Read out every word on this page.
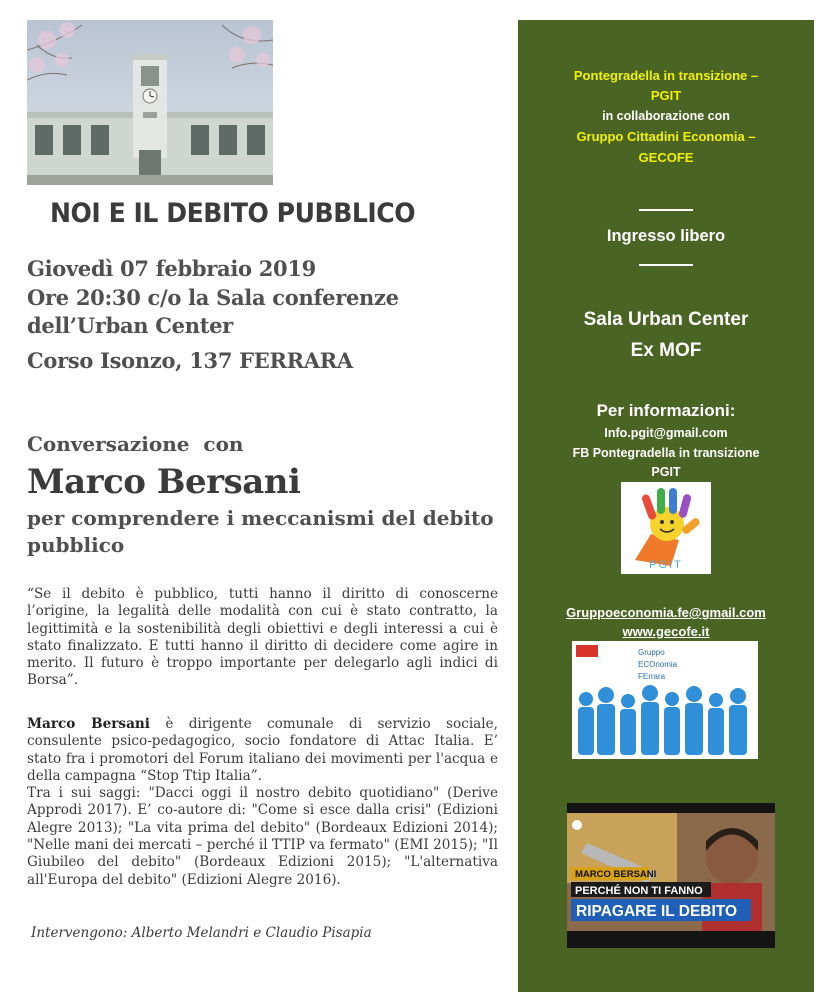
NOI E IL DEBITO PUBBLICO
Giovedì 07 febbraio 2019
Ore 20:30 c/o la Sala conferenze
dell’Urban Center
Corso Isonzo, 137 FERRARA
Conversazione  con
Marco Bersani
per comprendere i meccanismi del debito pubblico
“Se il debito è pubblico, tutti hanno il diritto di conoscerne l’origine, la legalità delle modalità con cui è stato contratto, la legittimità e la sostenibilità degli obiettivi e degli interessi a cui è stato finalizzato. E tutti hanno il diritto di decidere come agire in merito. Il futuro è troppo importante per delegarlo agli indici di Borsa”.
Marco Bersani è dirigente comunale di servizio sociale, consulente psico-pedagogico, socio fondatore di Attac Italia. E’ stato fra i promotori del Forum italiano dei movimenti per l'acqua e della campagna “Stop Ttip Italia”.
Tra i sui saggi: "Dacci oggi il nostro debito quotidiano" (Derive Approdi 2017). E’ co-autore di: "Come si esce dalla crisi" (Edizioni Alegre 2013); "La vita prima del debito" (Bordeaux Edizioni 2014); "Nelle mani dei mercati – perché il TTIP va fermato" (EMI 2015); "Il Giubileo del debito" (Bordeaux Edizioni 2015); "L'alternativa all'Europa del debito" (Edizioni Alegre 2016).
Intervengono: Alberto Melandri e Claudio Pisapia
Pontegradella in transizione –
PGIT
in collaborazione con
Gruppo Cittadini Economia –
GECOFE
Ingresso libero
Sala Urban Center
Ex MOF
Per informazioni:
Info.pgit@gmail.com
FB Pontegradella in transizione
PGIT
PGIT
Gruppoeconomia.fe@gmail.com
www.gecofe.it
Gruppo
ECOnomia
FErrara
MARCO BERSANI
PERCHÉ NON TI FANNO
RIPAGARE IL DEBITO
